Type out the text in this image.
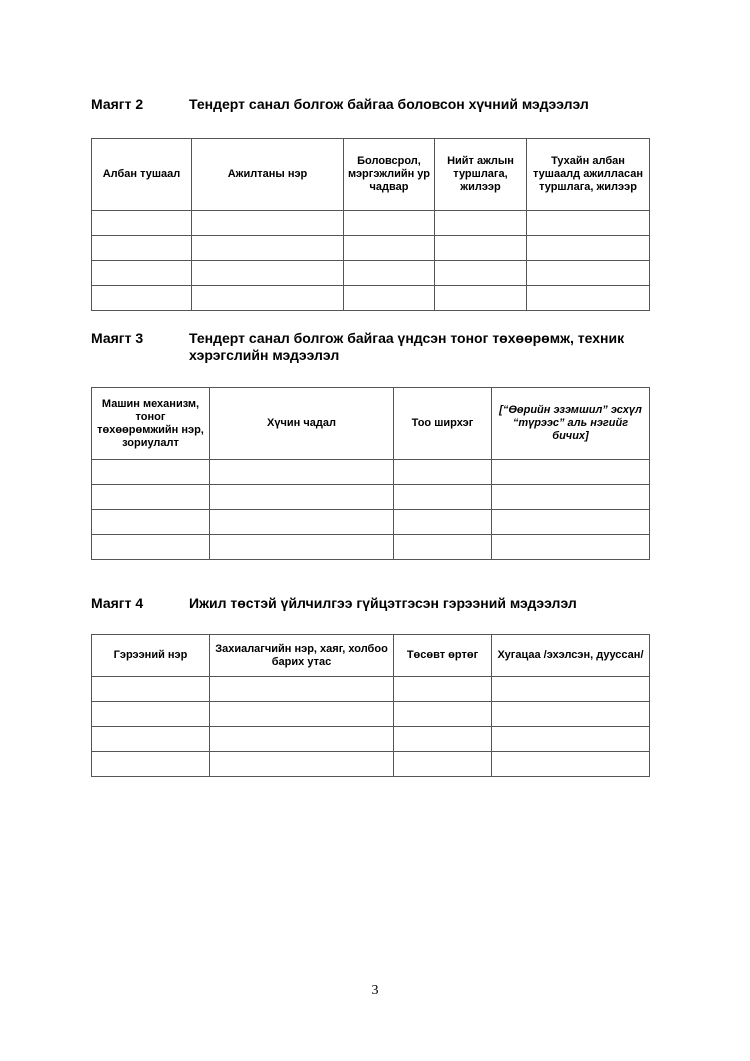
Маягт 2	Тендерт санал болгож байгаа боловсон хүчний мэдээлэл
Албан тушаал	Ажилтаны нэр	Боловсрол, мэргэжлийн ур чадвар	Нийт ажлын туршлага, жилээр	Тухайн албан тушаалд ажилласан туршлага, жилээр

Маягт 3	Тендерт санал болгож байгаа үндсэн тоног төхөөрөмж, техник хэрэгслийн мэдээлэл
Машин механизм, тоног төхөөрөмжийн нэр, зориулалт	Хүчин чадал	Тоо ширхэг	[“Өөрийн эзэмшил” эсхүл “түрээс” аль нэгийг бичих]

Маягт 4	Ижил төстэй үйлчилгээ гүйцэтгэсэн гэрээний мэдээлэл
Гэрээний нэр	Захиалагчийн нэр, хаяг, холбоо барих утас	Төсөвт өртөг	Хугацаа /эхэлсэн, дууссан/

3
